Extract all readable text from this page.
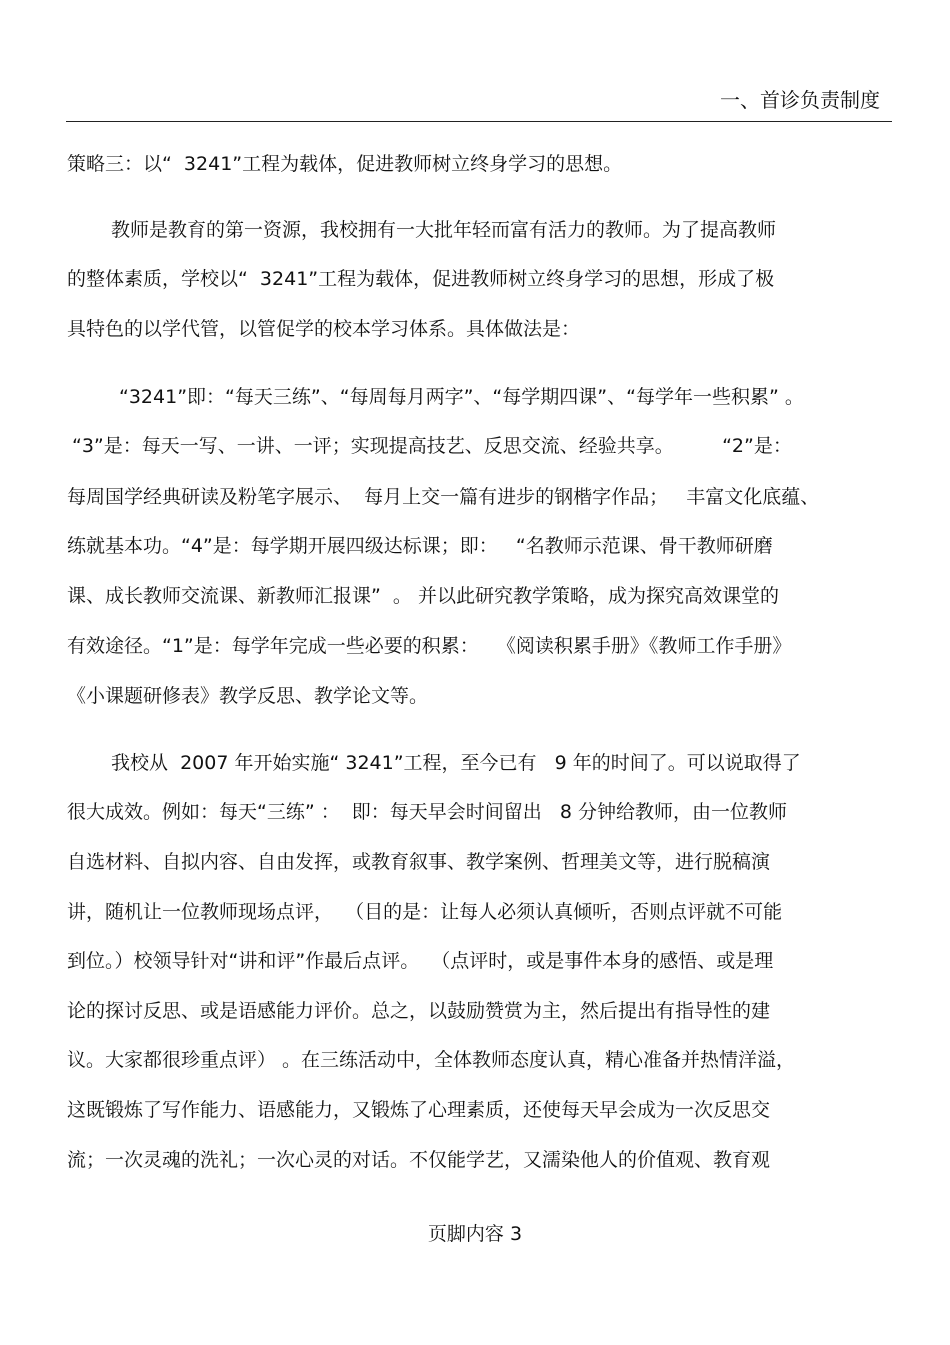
一、首诊负责制度
策略三：以“  3241”工程为载体，促进教师树立终身学习的思想。
教师是教育的第一资源，我校拥有一大批年轻而富有活力的教师。为了提高教师
的整体素质，学校以“  3241”工程为载体，促进教师树立终身学习的思想，形成了极
具特色的以学代管，以管促学的校本学习体系。具体做法是：
“3241”即：“每天三练”、“每周每月两字”、“每学期四课”、“每学年一些积累” 。
“3”是：每天一写、一讲、一评；实现提高技艺、反思交流、经验共享。        “2”是：
每周国学经典研读及粉笔字展示、  每月上交一篇有进步的钢楷字作品；   丰富文化底蕴、
练就基本功。“4”是：每学期开展四级达标课；即：   “名教师示范课、骨干教师研磨
课、成长教师交流课、新教师汇报课”  。 并以此研究教学策略，成为探究高效课堂的
有效途径。“1”是：每学年完成一些必要的积累：   《阅读积累手册》《教师工作手册》
《小课题研修表》教学反思、教学论文等。
我校从  2007 年开始实施“ 3241”工程，至今已有   9 年的时间了。可以说取得了
很大成效。例如：每天“三练” ：  即：每天早会时间留出   8 分钟给教师，由一位教师
自选材料、自拟内容、自由发挥，或教育叙事、教学案例、哲理美文等，进行脱稿演
讲，随机让一位教师现场点评，  （目的是：让每人必须认真倾听，否则点评就不可能
到位。）校领导针对“讲和评”作最后点评。  （点评时，或是事件本身的感悟、或是理
论的探讨反思、或是语感能力评价。总之，以鼓励赞赏为主，然后提出有指导性的建
议。大家都很珍重点评） 。在三练活动中，全体教师态度认真，精心准备并热情洋溢，
这既锻炼了写作能力、语感能力，又锻炼了心理素质，还使每天早会成为一次反思交
流；一次灵魂的洗礼；一次心灵的对话。不仅能学艺，又濡染他人的价值观、教育观
页脚内容 3
